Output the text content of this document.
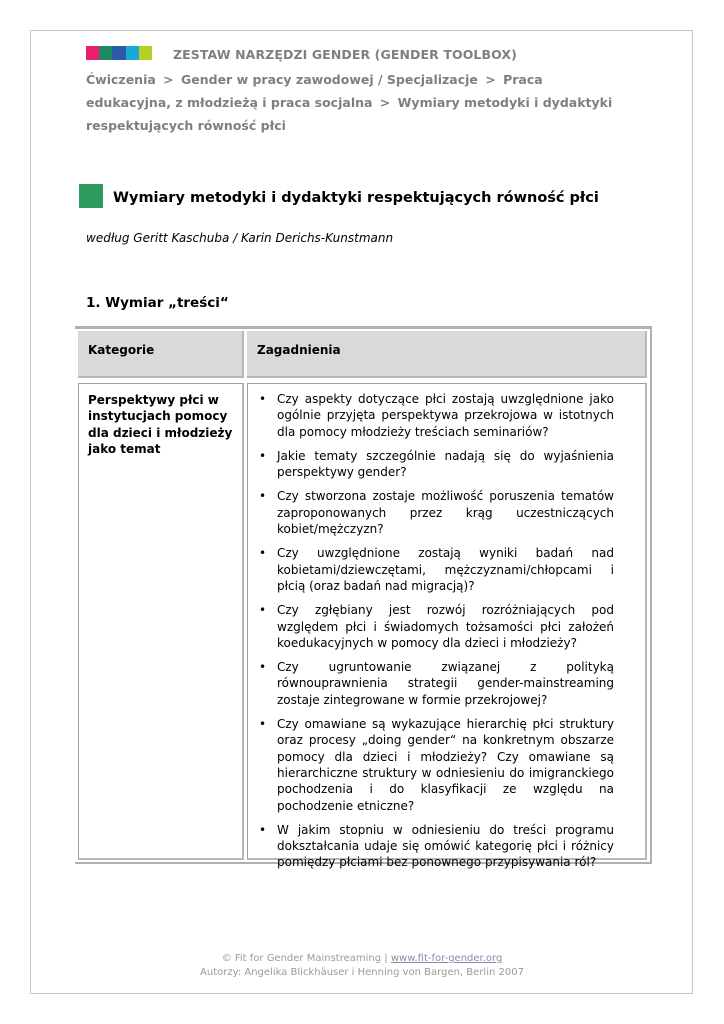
ZESTAW NARZĘDZI GENDER (GENDER TOOLBOX)
Ćwiczenia > Gender w pracy zawodowej / Specjalizacje > Praca edukacyjna, z młodzieżą i praca socjalna > Wymiary metodyki i dydaktyki respektujących równość płci
Wymiary metodyki i dydaktyki respektujących równość płci
według Geritt Kaschuba / Karin Derichs-Kunstmann
1. Wymiar „treści“
Kategorie	Zagadnienia
Perspektywy płci w instytucjach pomocy dla dzieci i młodzieży jako temat
• Czy aspekty dotyczące płci zostają uwzględnione jako ogólnie przyjęta perspektywa przekrojowa w istotnych dla pomocy młodzieży treściach seminariów?
• Jakie tematy szczególnie nadają się do wyjaśnienia perspektywy gender?
• Czy stworzona zostaje możliwość poruszenia tematów zaproponowanych przez krąg uczestniczących kobiet/mężczyzn?
• Czy uwzględnione zostają wyniki badań nad kobietami/dziewczętami, mężczyznami/chłopcami i płcią (oraz badań nad migracją)?
• Czy zgłębiany jest rozwój rozróżniających pod względem płci i świadomych tożsamości płci założeń koedukacyjnych w pomocy dla dzieci i młodzieży?
• Czy ugruntowanie związanej z polityką równouprawnienia strategii gender-mainstreaming zostaje zintegrowane w formie przekrojowej?
• Czy omawiane są wykazujące hierarchię płci struktury oraz procesy „doing gender“ na konkretnym obszarze pomocy dla dzieci i młodzieży? Czy omawiane są hierarchiczne struktury w odniesieniu do imigranckiego pochodzenia i do klasyfikacji ze względu na pochodzenie etniczne?
• W jakim stopniu w odniesieniu do treści programu dokształcania udaje się omówić kategorię płci i różnicy pomiędzy płciami bez ponownego przypisywania ról?
© Fit for Gender Mainstreaming | www.fit-for-gender.org
Autorzy: Angelika Blickhäuser i Henning von Bargen, Berlin 2007
